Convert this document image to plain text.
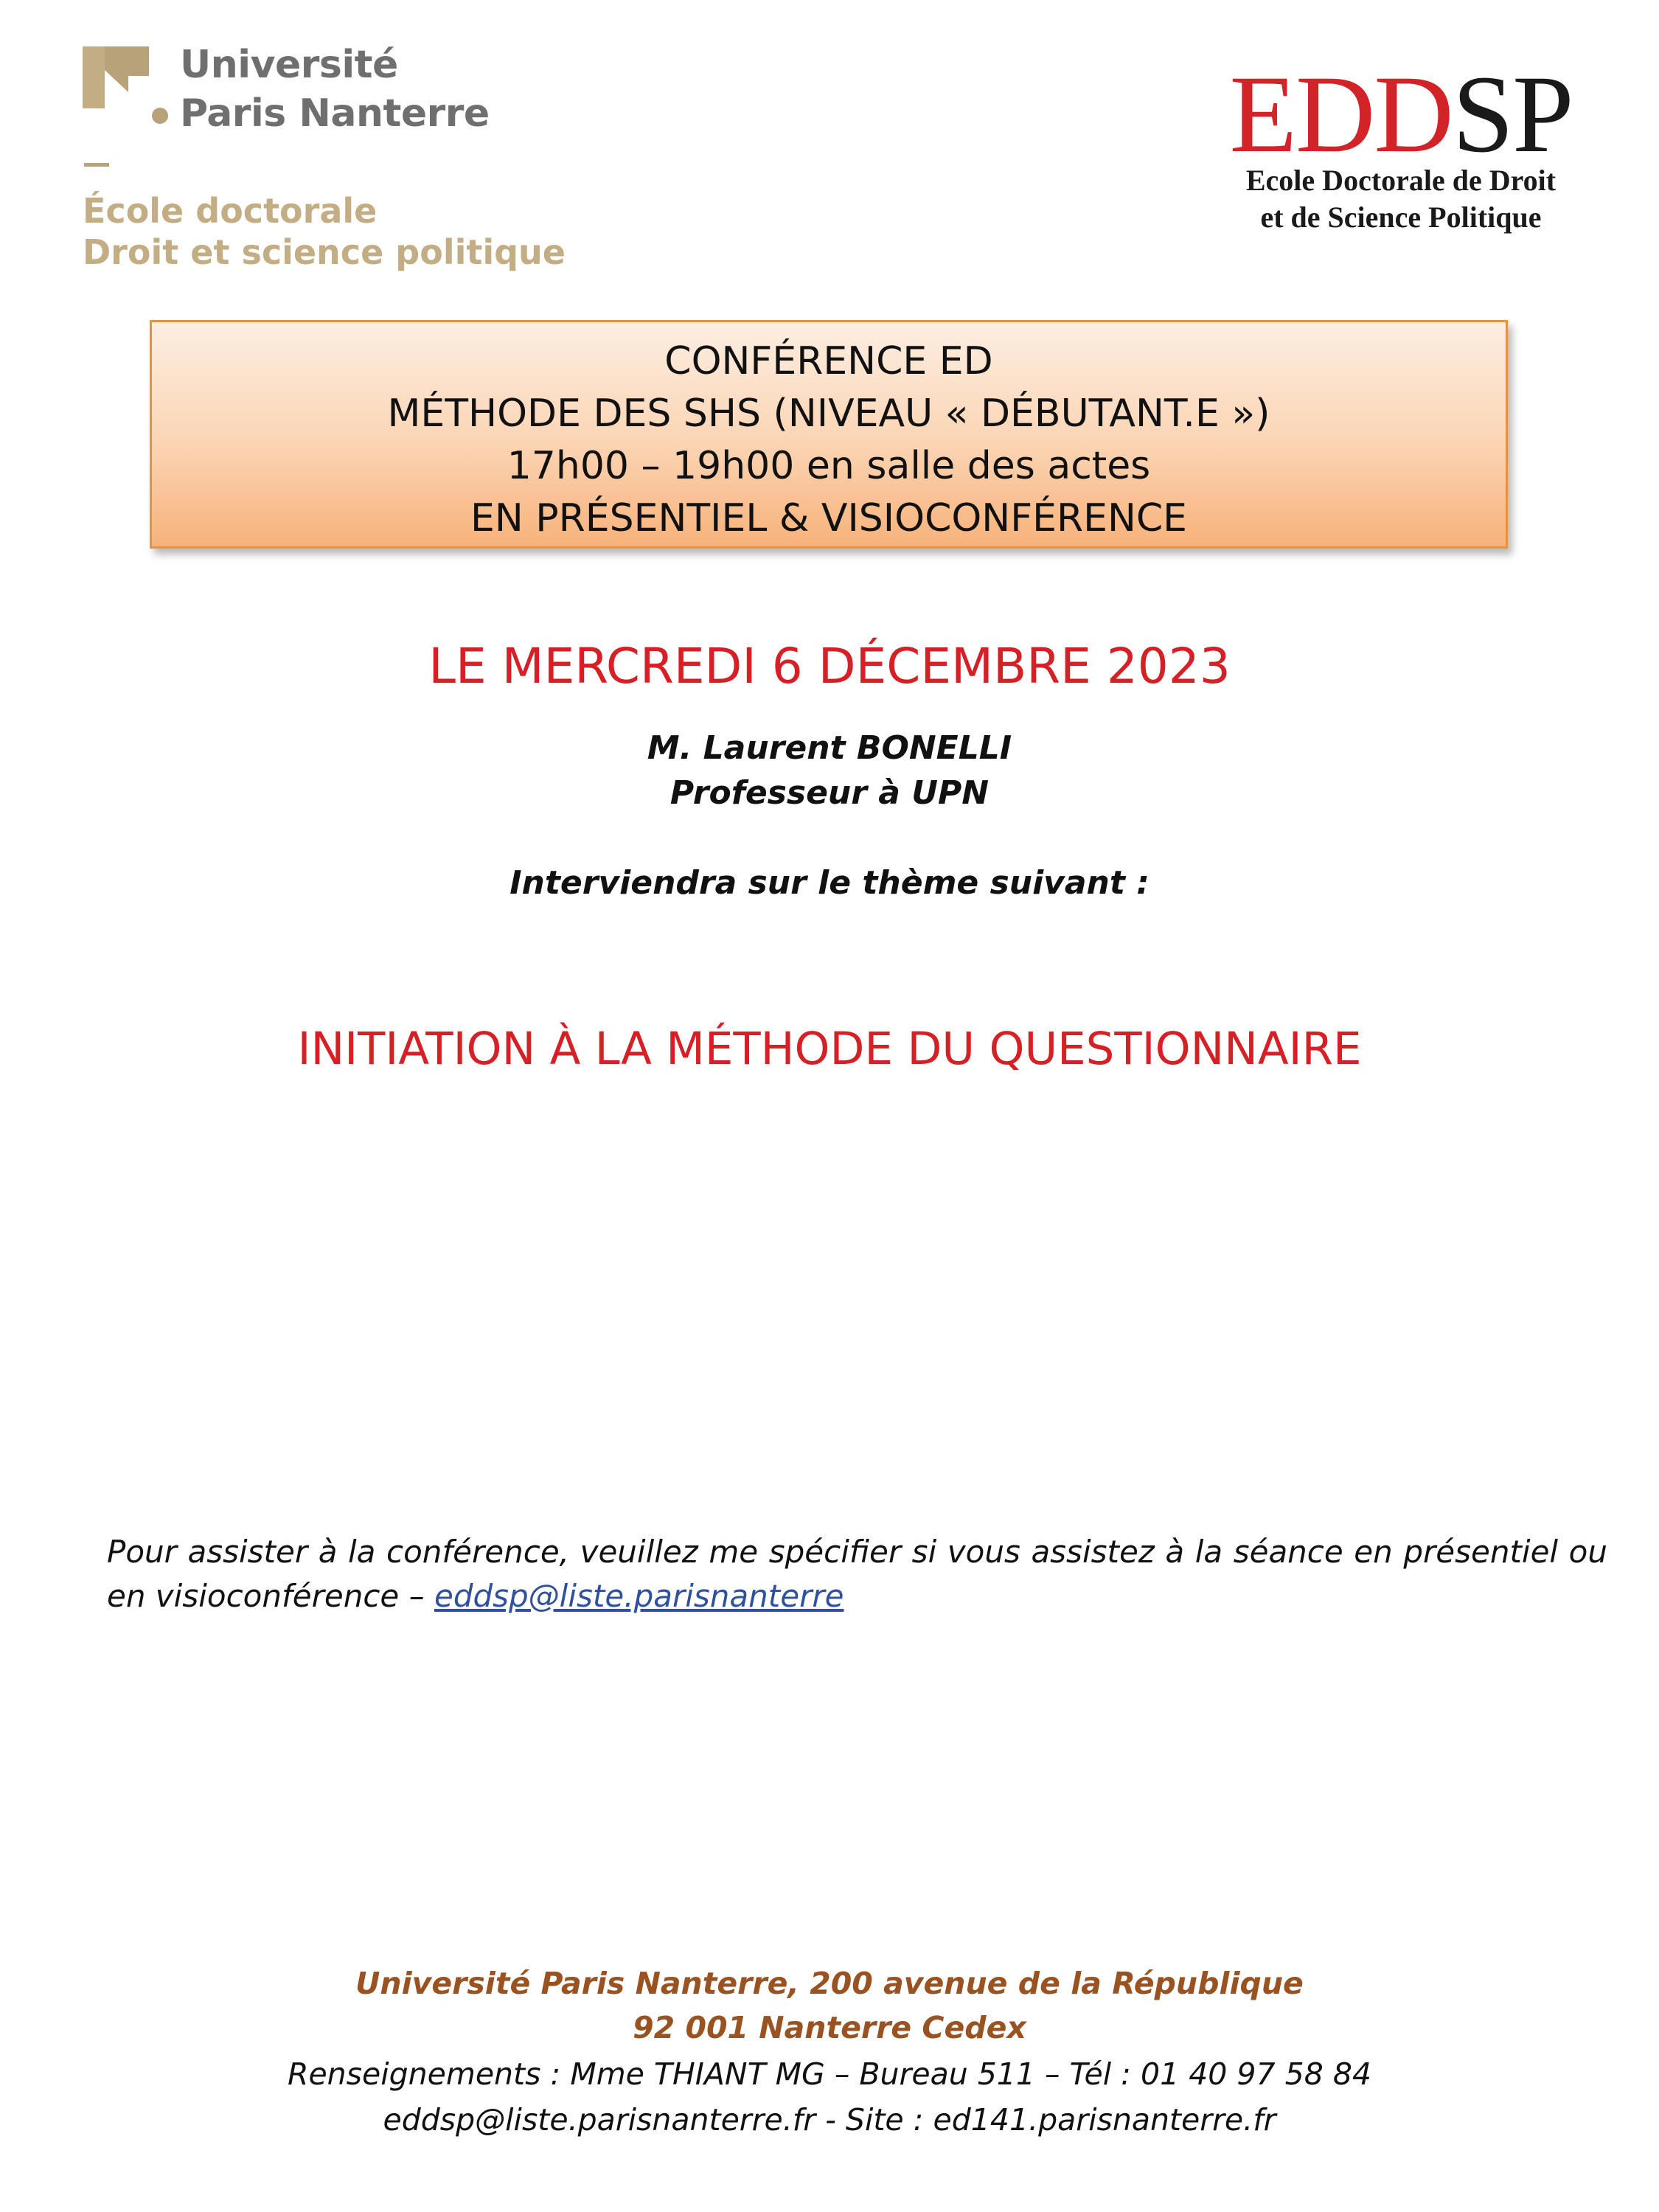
Université
Paris Nanterre
École doctorale
Droit et science politique
EDDSP
Ecole Doctorale de Droit
et de Science Politique
CONFÉRENCE ED
MÉTHODE DES SHS (NIVEAU « DÉBUTANT.E »)
17h00 – 19h00 en salle des actes
EN PRÉSENTIEL & VISIOCONFÉRENCE
LE MERCREDI 6 DÉCEMBRE 2023
M. Laurent BONELLI
Professeur à UPN
Interviendra sur le thème suivant :
INITIATION À LA MÉTHODE DU QUESTIONNAIRE
Pour assister à la conférence, veuillez me spécifier si vous assistez à la séance en présentiel ou en visioconférence – eddsp@liste.parisnanterre
Université Paris Nanterre, 200 avenue de la République
92 001 Nanterre Cedex
Renseignements : Mme THIANT MG – Bureau 511 – Tél : 01 40 97 58 84
eddsp@liste.parisnanterre.fr - Site : ed141.parisnanterre.fr
